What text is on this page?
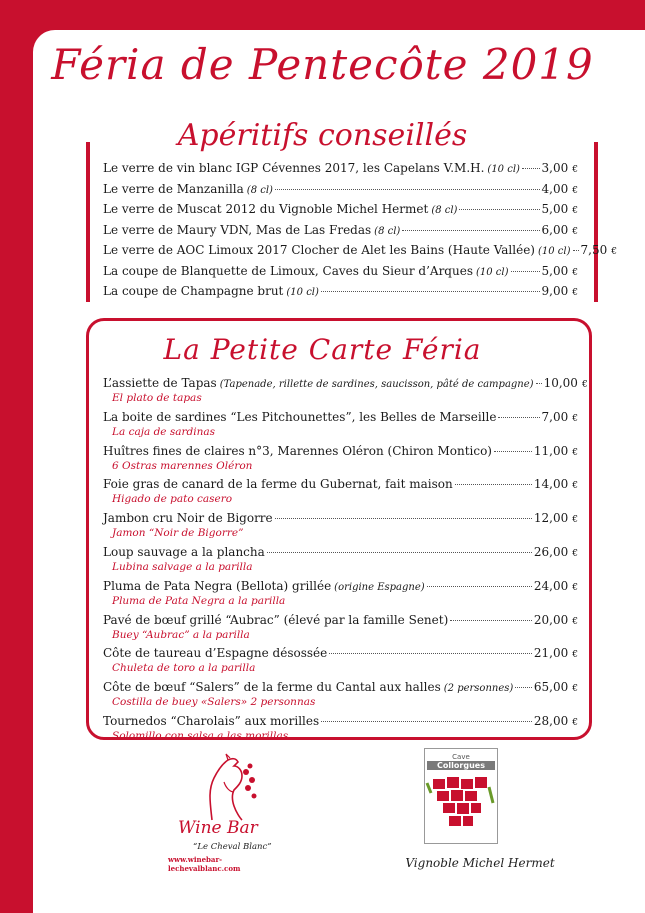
Féria de Pentecôte 2019
Apéritifs conseillés
Le verre de vin blanc IGP Cévennes 2017, les Capelans V.M.H. (10 cl) 3,00 €
Le verre de Manzanilla (8 cl)	4,00 €
Le verre de Muscat 2012 du Vignoble Michel Hermet (8 cl)	5,00 €
Le verre de Maury VDN, Mas de Las Fredas (8 cl)	6,00 €
Le verre de AOC Limoux 2017 Clocher de Alet les Bains (Haute Vallée) (10 cl) 7,50 €
La coupe de Blanquette de Limoux, Caves du Sieur d’Arques (10 cl)	5,00 €
La coupe de Champagne brut (10 cl)	9,00 €
La Petite Carte Féria
L’assiette de Tapas (Tapenade, rillette de sardines, saucisson, pâté de campagne) 10,00 €
El plato de tapas
La boite de sardines “Les Pitchounettes”, les Belles de Marseille	7,00 €
La caja de sardinas
Huîtres fines de claires n°3, Marennes Oléron (Chiron Montico)	11,00 €
6 Ostras marennes Oléron
Foie gras de canard de la ferme du Gubernat, fait maison	14,00 €
Higado de pato casero
Jambon cru Noir de Bigorre	12,00 €
Jamon “Noir de Bigorre”
Loup sauvage a la plancha	26,00 €
Lubina salvage a la parilla
Pluma de Pata Negra (Bellota) grillée (origine Espagne)	24,00 €
Pluma de Pata Negra a la parilla
Pavé de bœuf grillé “Aubrac” (élevé par la famille Senet)	20,00 €
Buey “Aubrac” a la parilla
Côte de taureau d’Espagne désossée	21,00 €
Chuleta de toro a la parilla
Côte de bœuf “Salers” de la ferme du Cantal aux halles (2 personnes) 65,00 €
Costilla de buey «Salers» 2 personnas
Tournedos “Charolais” aux morilles	28,00 €
Solomillo con salsa a las morillas
Wine Bar
“Le Cheval Blanc”
www.winebar-lechevalblanc.com
Cave
Collorgues
Vignoble Michel Hermet
